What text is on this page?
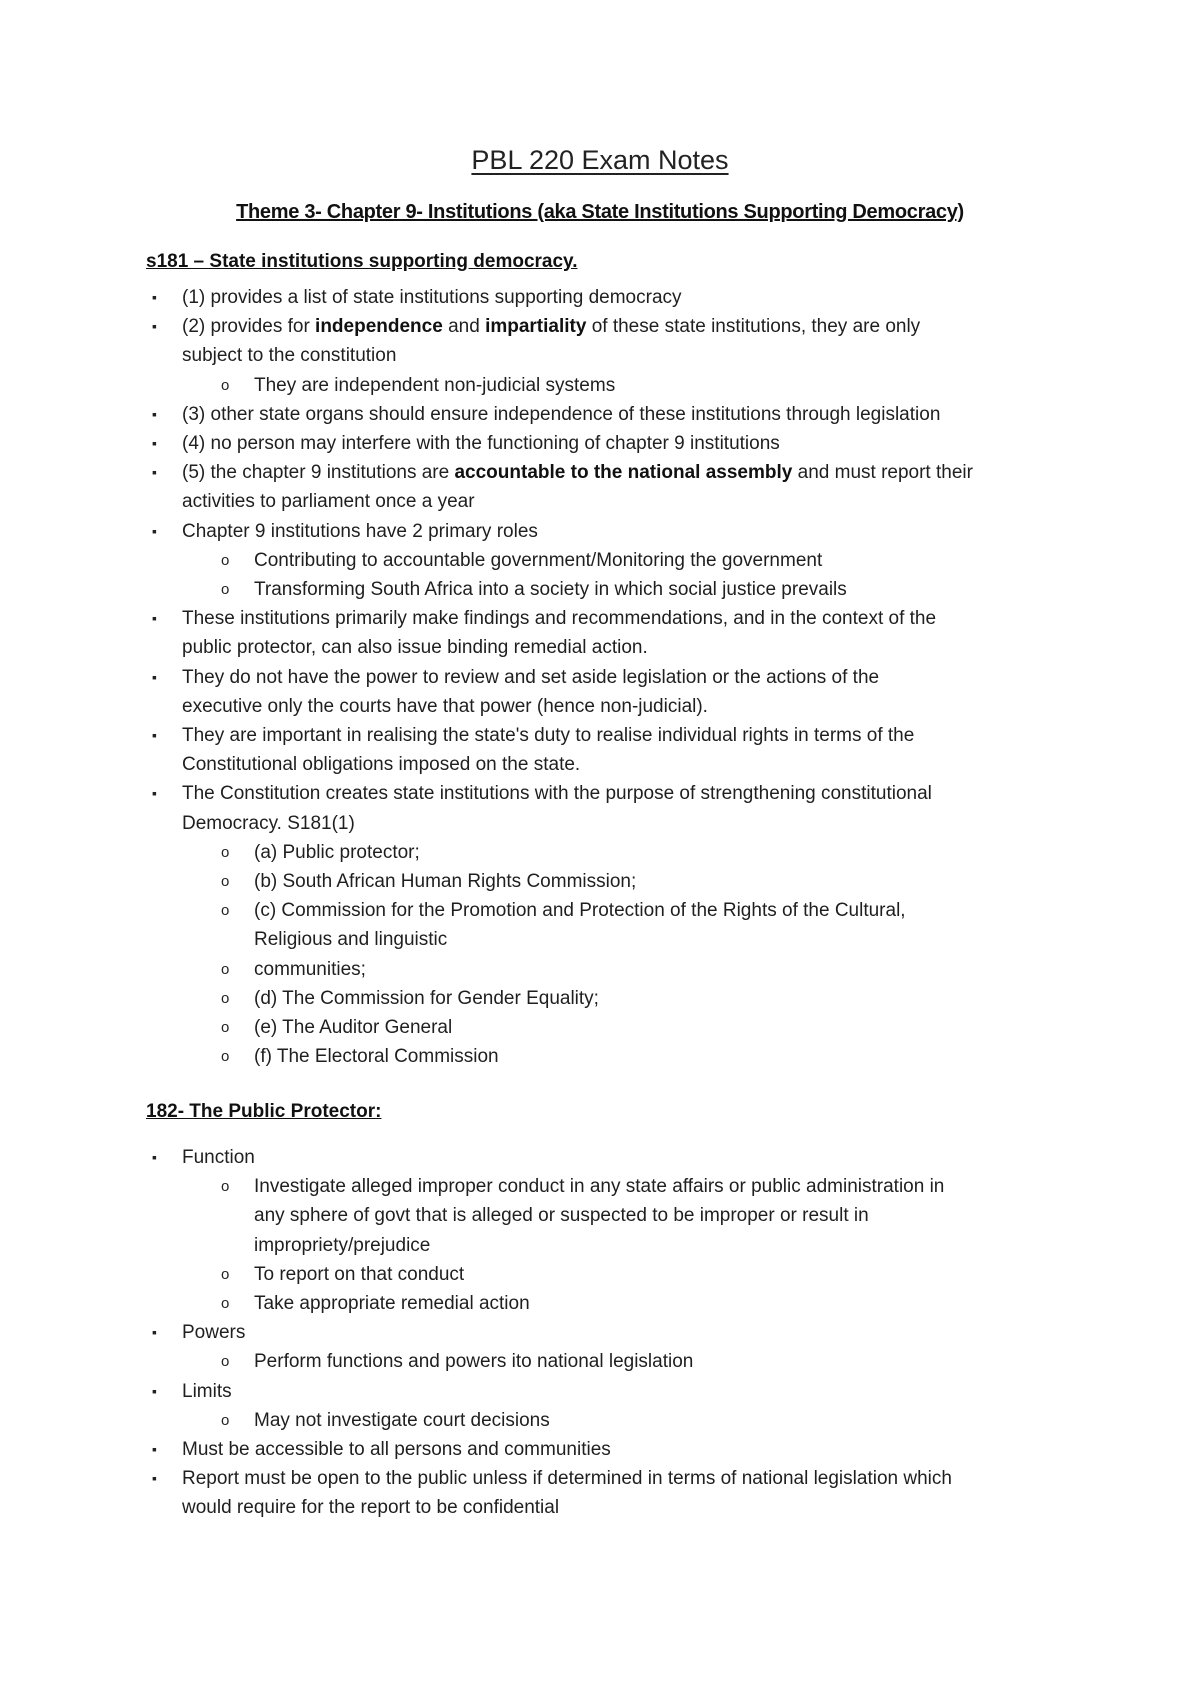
PBL 220 Exam Notes
Theme 3- Chapter 9- Institutions (aka State Institutions Supporting Democracy)
s181 – State institutions supporting democracy.
▪ (1) provides a list of state institutions supporting democracy
▪ (2) provides for independence and impartiality of these state institutions, they are only
subject to the constitution
o They are independent non-judicial systems
▪ (3) other state organs should ensure independence of these institutions through legislation
▪ (4) no person may interfere with the functioning of chapter 9 institutions
▪ (5) the chapter 9 institutions are accountable to the national assembly and must report their
activities to parliament once a year
▪ Chapter 9 institutions have 2 primary roles
o Contributing to accountable government/Monitoring the government
o Transforming South Africa into a society in which social justice prevails
▪ These institutions primarily make findings and recommendations, and in the context of the
public protector, can also issue binding remedial action.
▪ They do not have the power to review and set aside legislation or the actions of the
executive only the courts have that power (hence non-judicial).
▪ They are important in realising the state's duty to realise individual rights in terms of the
Constitutional obligations imposed on the state.
▪ The Constitution creates state institutions with the purpose of strengthening constitutional
Democracy. S181(1)
o (a) Public protector;
o (b) South African Human Rights Commission;
o (c) Commission for the Promotion and Protection of the Rights of the Cultural,
Religious and linguistic
o communities;
o (d) The Commission for Gender Equality;
o (e) The Auditor General
o (f) The Electoral Commission
182- The Public Protector:
▪ Function
o Investigate alleged improper conduct in any state affairs or public administration in
any sphere of govt that is alleged or suspected to be improper or result in
impropriety/prejudice
o To report on that conduct
o Take appropriate remedial action
▪ Powers
o Perform functions and powers ito national legislation
▪ Limits
o May not investigate court decisions
▪ Must be accessible to all persons and communities
▪ Report must be open to the public unless if determined in terms of national legislation which
would require for the report to be confidential
